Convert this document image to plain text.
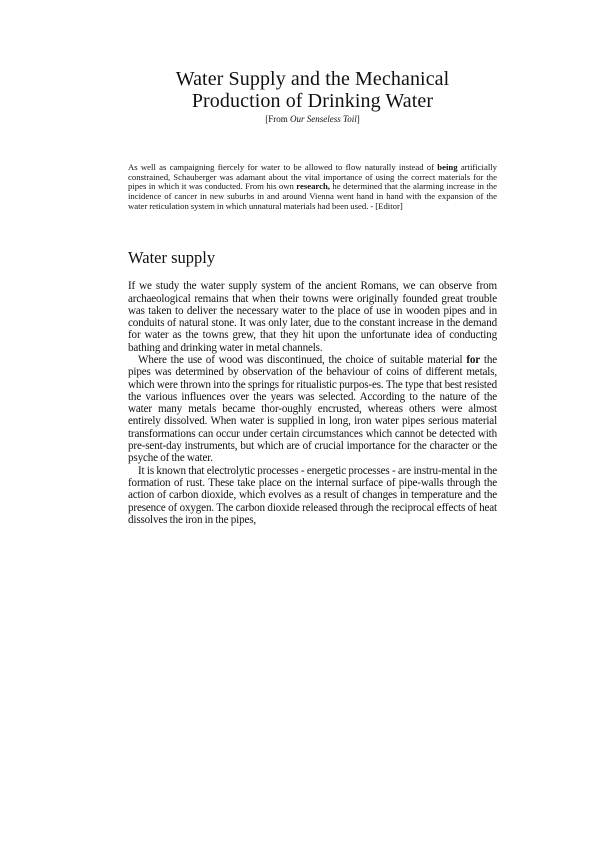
Water Supply and the Mechanical
Production of Drinking Water
[From Our Senseless Toil]
As well as campaigning fiercely for water to be allowed to flow naturally instead of being artificially constrained, Schauberger was adamant about the vital importance of using the correct materials for the pipes in which it was conducted. From his own research, he determined that the alarming increase in the incidence of cancer in new suburbs in and around Vienna went hand in hand with the expansion of the water reticulation system in which unnatural materials had been used. - [Editor]
Water supply

If we study the water supply system of the ancient Romans, we can observe from archaeological remains that when their towns were originally founded great trouble was taken to deliver the necessary water to the place of use in wooden pipes and in conduits of natural stone. It was only later, due to the constant increase in the demand for water as the towns grew, that they hit upon the unfortunate idea of conducting bathing and drinking water in metal channels.

Where the use of wood was discontinued, the choice of suitable material for the pipes was determined by observation of the behaviour of coins of different metals, which were thrown into the springs for ritualistic purpos-es. The type that best resisted the various influences over the years was selected. According to the nature of the water many metals became thor-oughly encrusted, whereas others were almost entirely dissolved. When water is supplied in long, iron water pipes serious material transformations can occur under certain circumstances which cannot be detected with pre-sent-day instruments, but which are of crucial importance for the character or the psyche of the water.

It is known that electrolytic processes - energetic processes - are instru-mental in the formation of rust. These take place on the internal surface of pipe-walls through the action of carbon dioxide, which evolves as a result of changes in temperature and the presence of oxygen. The carbon dioxide released through the reciprocal effects of heat dissolves the iron in the pipes,
